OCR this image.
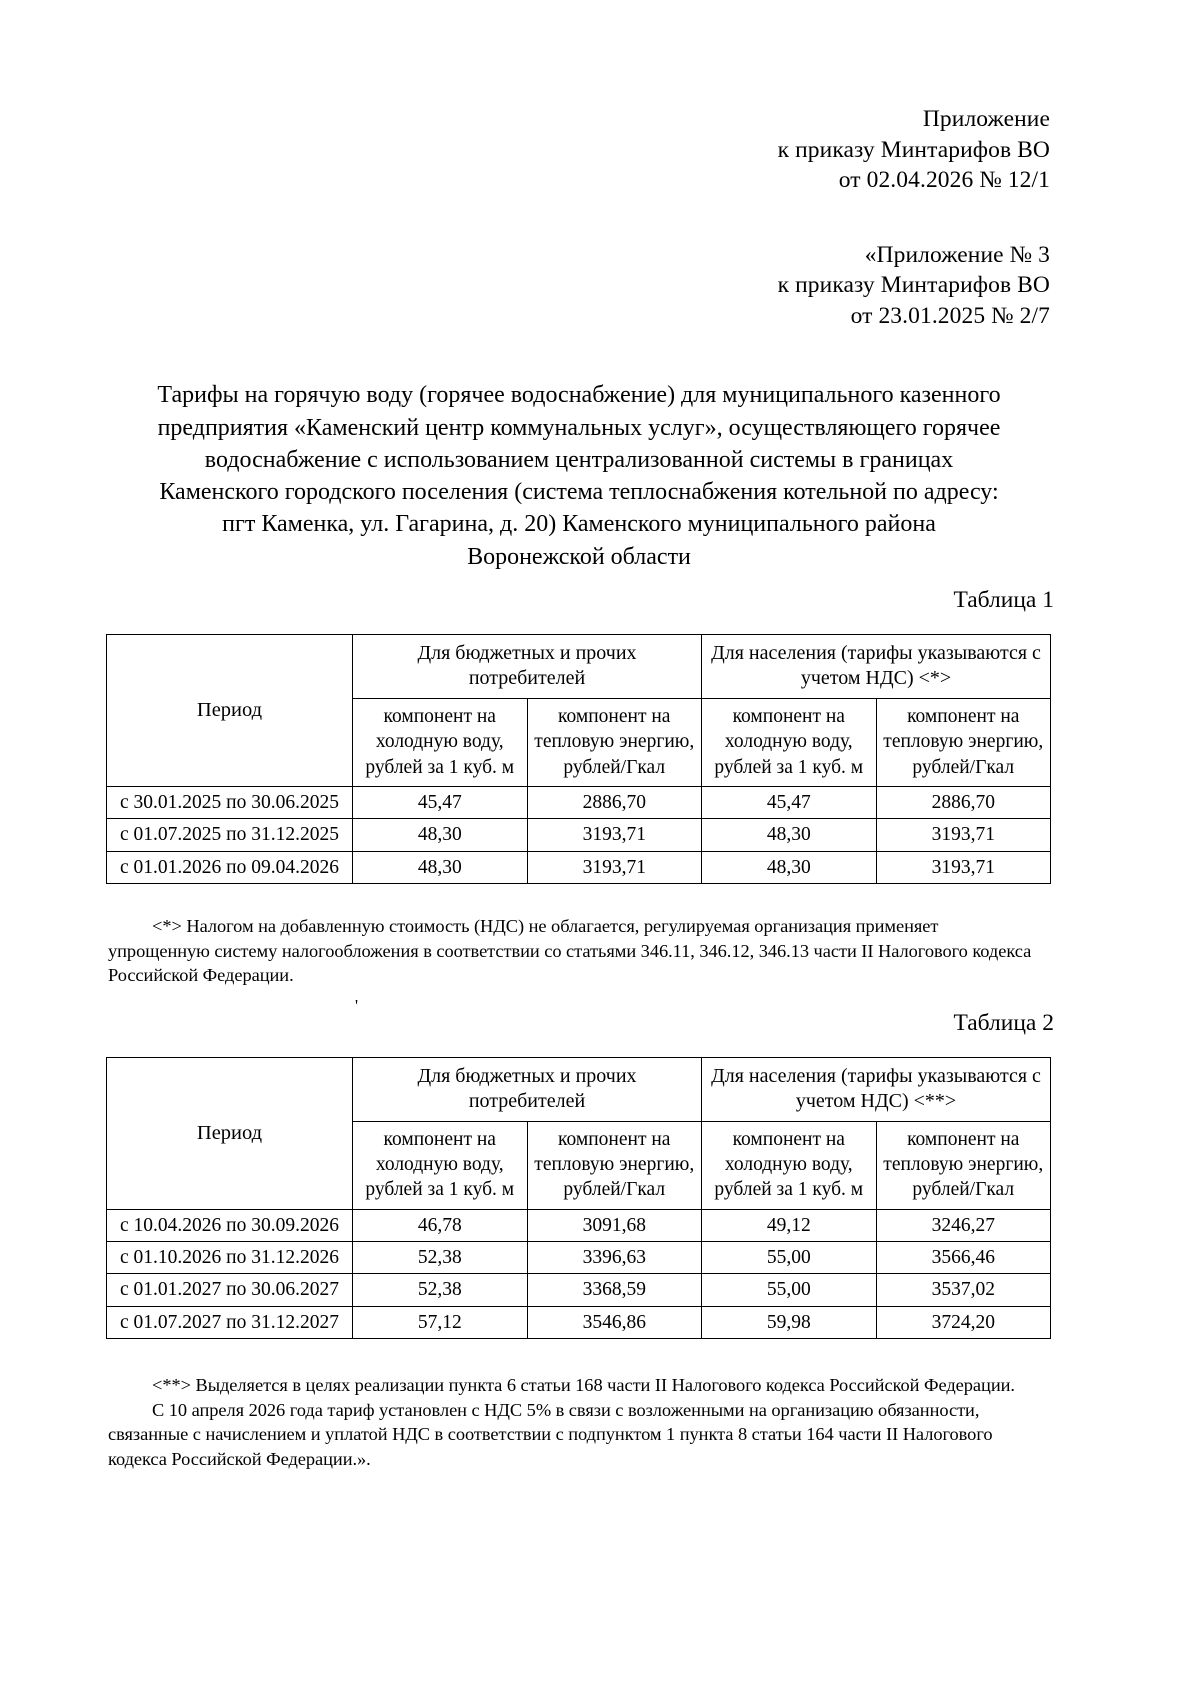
Приложение
к приказу Минтарифов ВО
от 02.04.2026 № 12/1
«Приложение № 3
к приказу Минтарифов ВО
от 23.01.2025 № 2/7
Тарифы на горячую воду (горячее водоснабжение) для муниципального казенного
предприятия «Каменский центр коммунальных услуг», осуществляющего горячее
водоснабжение с использованием централизованной системы в границах
Каменского городского поселения (система теплоснабжения котельной по адресу:
пгт Каменка, ул. Гагарина, д. 20) Каменского муниципального района
Воронежской области
Таблица 1
Период	Для бюджетных и прочих потребителей		Для населения (тарифы указываются с учетом НДС) <*>	
	компонент на холодную воду, рублей за 1 куб. м	компонент на тепловую энергию, рублей/Гкал	компонент на холодную воду, рублей за 1 куб. м	компонент на тепловую энергию, рублей/Гкал
с 30.01.2025 по 30.06.2025	45,47	2886,70	45,47	2886,70
с 01.07.2025 по 31.12.2025	48,30	3193,71	48,30	3193,71
с 01.01.2026 по 09.04.2026	48,30	3193,71	48,30	3193,71

<*> Налогом на добавленную стоимость (НДС) не облагается, регулируемая организация применяет

упрощенную систему налогообложения в соответствии со статьями 346.11, 346.12, 346.13 части II Налогового кодекса

Российской Федерации.

Таблица 2
'
Период	Для бюджетных и прочих потребителей		Для населения (тарифы указываются с учетом НДС) <**>	
	компонент на холодную воду, рублей за 1 куб. м	компонент на тепловую энергию, рублей/Гкал	компонент на холодную воду, рублей за 1 куб. м	компонент на тепловую энергию, рублей/Гкал
с 10.04.2026 по 30.09.2026	46,78	3091,68	49,12	3246,27
с 01.10.2026 по 31.12.2026	52,38	3396,63	55,00	3566,46
с 01.01.2027 по 30.06.2027	52,38	3368,59	55,00	3537,02
с 01.07.2027 по 31.12.2027	57,12	3546,86	59,98	3724,20

<**> Выделяется в целях реализации пункта 6 статьи 168 части II Налогового кодекса Российской Федерации.

С 10 апреля 2026 года тариф установлен с НДС 5% в связи с возложенными на организацию обязанности,

связанные с начислением и уплатой НДС в соответствии с подпунктом 1 пункта 8 статьи 164 части II Налогового

кодекса Российской Федерации.».
